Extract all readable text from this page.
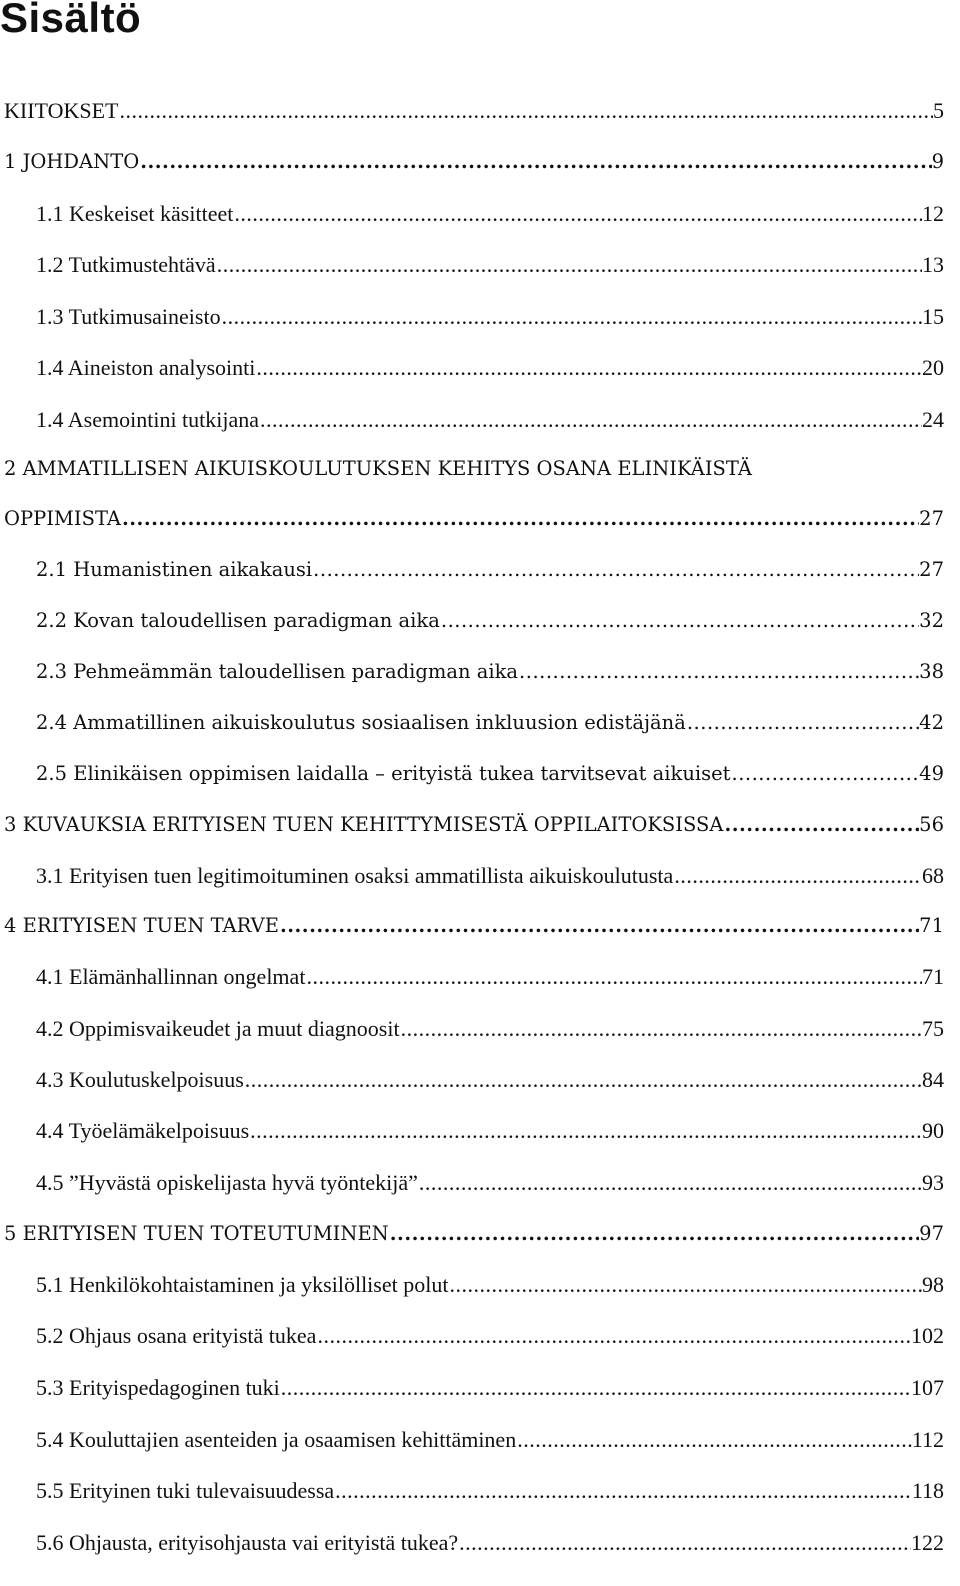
Sisältö
KIITOKSET .....	5
1 JOHDANTO .....	9
1.1 Keskeiset käsitteet .....	12
1.2 Tutkimustehtävä .....	13
1.3 Tutkimusaineisto .....	15
1.4 Aineiston analysointi .....	20
1.4 Asemointini tutkijana .....	24
2 AMMATILLISEN AIKUISKOULUTUKSEN KEHITYS OSANA ELINIKÄISTÄ
OPPIMISTA .....	27
2.1 Humanistinen aikakausi .....	27
2.2 Kovan taloudellisen paradigman aika .....	32
2.3 Pehmeämmän taloudellisen paradigman aika .....	38
2.4 Ammatillinen aikuiskoulutus sosiaalisen inkluusion edistäjänä .....	42
2.5 Elinikäisen oppimisen laidalla – erityistä tukea tarvitsevat aikuiset .....	49
3 KUVAUKSIA ERITYISEN TUEN KEHITTYMISESTÄ OPPILAITOKSISSA .....	56
3.1 Erityisen tuen legitimoituminen osaksi ammatillista aikuiskoulutusta .....	68
4 ERITYISEN TUEN TARVE .....	71
4.1 Elämänhallinnan ongelmat .....	71
4.2 Oppimisvaikeudet ja muut diagnoosit .....	75
4.3 Koulutuskelpoisuus .....	84
4.4 Työelämäkelpoisuus .....	90
4.5 ”Hyvästä opiskelijasta hyvä työntekijä” .....	93
5 ERITYISEN TUEN TOTEUTUMINEN .....	97
5.1 Henkilökohtaistaminen ja yksilölliset polut .....	98
5.2 Ohjaus osana erityistä tukea .....	102
5.3 Erityispedagoginen tuki .....	107
5.4 Kouluttajien asenteiden ja osaamisen kehittäminen .....	112
5.5 Erityinen tuki tulevaisuudessa .....	118
5.6 Ohjausta, erityisohjausta vai erityistä tukea? .....	122
